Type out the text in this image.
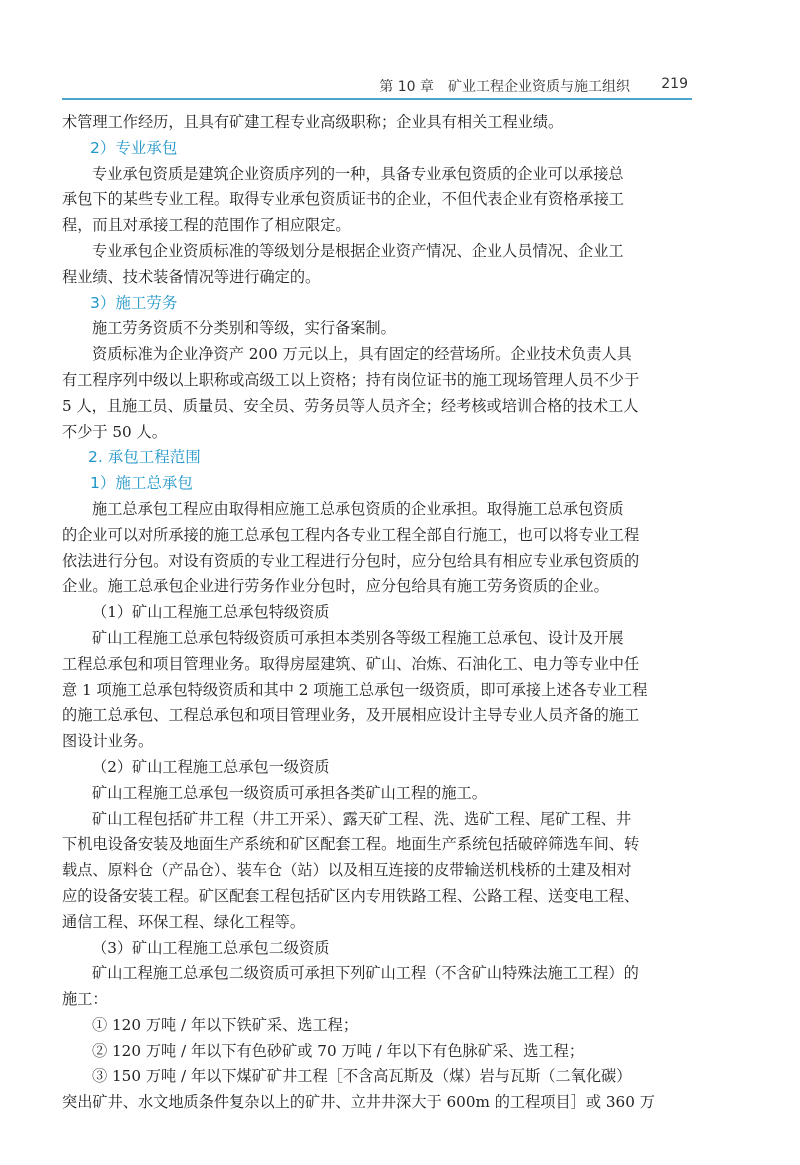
第 10 章　矿业工程企业资质与施工组织 219
术管理工作经历，且具有矿建工程专业高级职称；企业具有相关工程业绩。
2）专业承包
专业承包资质是建筑企业资质序列的一种，具备专业承包资质的企业可以承接总
承包下的某些专业工程。取得专业承包资质证书的企业，不但代表企业有资格承接工
程，而且对承接工程的范围作了相应限定。
专业承包企业资质标准的等级划分是根据企业资产情况、企业人员情况、企业工
程业绩、技术装备情况等进行确定的。
3）施工劳务
施工劳务资质不分类别和等级，实行备案制。
资质标准为企业净资产 200 万元以上，具有固定的经营场所。企业技术负责人具
有工程序列中级以上职称或高级工以上资格；持有岗位证书的施工现场管理人员不少于
5 人，且施工员、质量员、安全员、劳务员等人员齐全；经考核或培训合格的技术工人
不少于 50 人。
2. 承包工程范围
1）施工总承包
施工总承包工程应由取得相应施工总承包资质的企业承担。取得施工总承包资质
的企业可以对所承接的施工总承包工程内各专业工程全部自行施工，也可以将专业工程
依法进行分包。对设有资质的专业工程进行分包时，应分包给具有相应专业承包资质的
企业。施工总承包企业进行劳务作业分包时，应分包给具有施工劳务资质的企业。
（1）矿山工程施工总承包特级资质
矿山工程施工总承包特级资质可承担本类别各等级工程施工总承包、设计及开展
工程总承包和项目管理业务。取得房屋建筑、矿山、冶炼、石油化工、电力等专业中任
意 1 项施工总承包特级资质和其中 2 项施工总承包一级资质，即可承接上述各专业工程
的施工总承包、工程总承包和项目管理业务，及开展相应设计主导专业人员齐备的施工
图设计业务。
（2）矿山工程施工总承包一级资质
矿山工程施工总承包一级资质可承担各类矿山工程的施工。
矿山工程包括矿井工程（井工开采）、露天矿工程、洗、选矿工程、尾矿工程、井
下机电设备安装及地面生产系统和矿区配套工程。地面生产系统包括破碎筛选车间、转
载点、原料仓（产品仓）、装车仓（站）以及相互连接的皮带输送机栈桥的土建及相对
应的设备安装工程。矿区配套工程包括矿区内专用铁路工程、公路工程、送变电工程、
通信工程、环保工程、绿化工程等。
（3）矿山工程施工总承包二级资质
矿山工程施工总承包二级资质可承担下列矿山工程（不含矿山特殊法施工工程）的
施工：
① 120 万吨 / 年以下铁矿采、选工程；
② 120 万吨 / 年以下有色砂矿或 70 万吨 / 年以下有色脉矿采、选工程；
③ 150 万吨 / 年以下煤矿矿井工程［不含高瓦斯及（煤）岩与瓦斯（二氧化碳）
突出矿井、水文地质条件复杂以上的矿井、立井井深大于 600m 的工程项目］或 360 万
